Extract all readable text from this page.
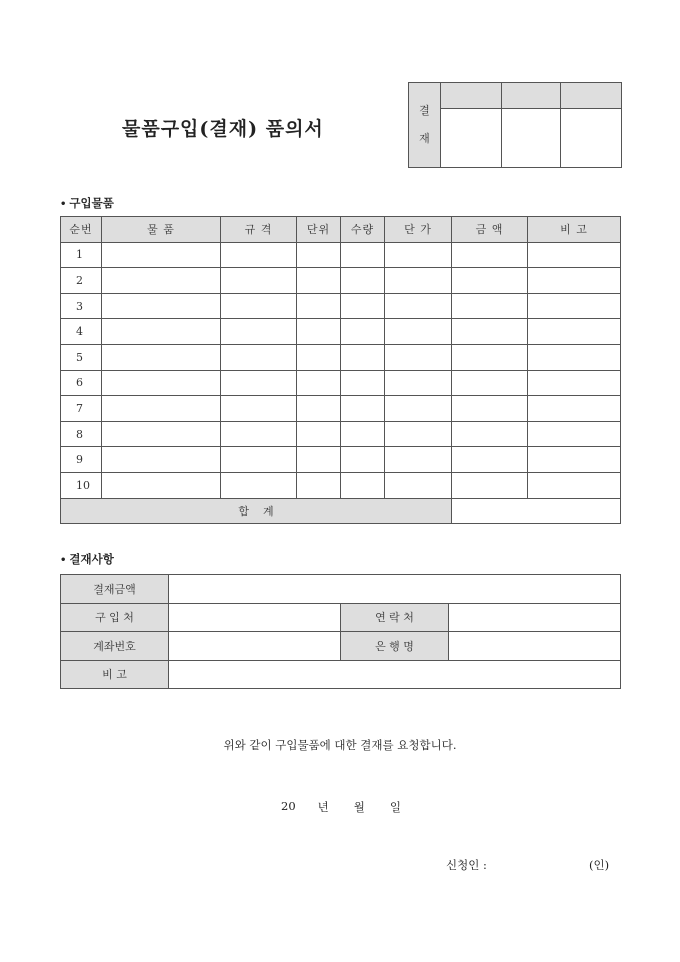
물품구입(결재) 품의서
결
재			

• 구입물품
순번	물 품	규 격	단위	수량	단 가	금 액	비 고
1							
2							
3							
4							
5							
6							
7							
8							
9							
10							
합    계							
• 결재사항
결재금액			
구 입 처		연 락 처	
계좌번호		은 행 명	
비 고			
위와 같이 구입물품에 대한 결재를 요청합니다.
20 년 월 일
신청인 :	(인)
